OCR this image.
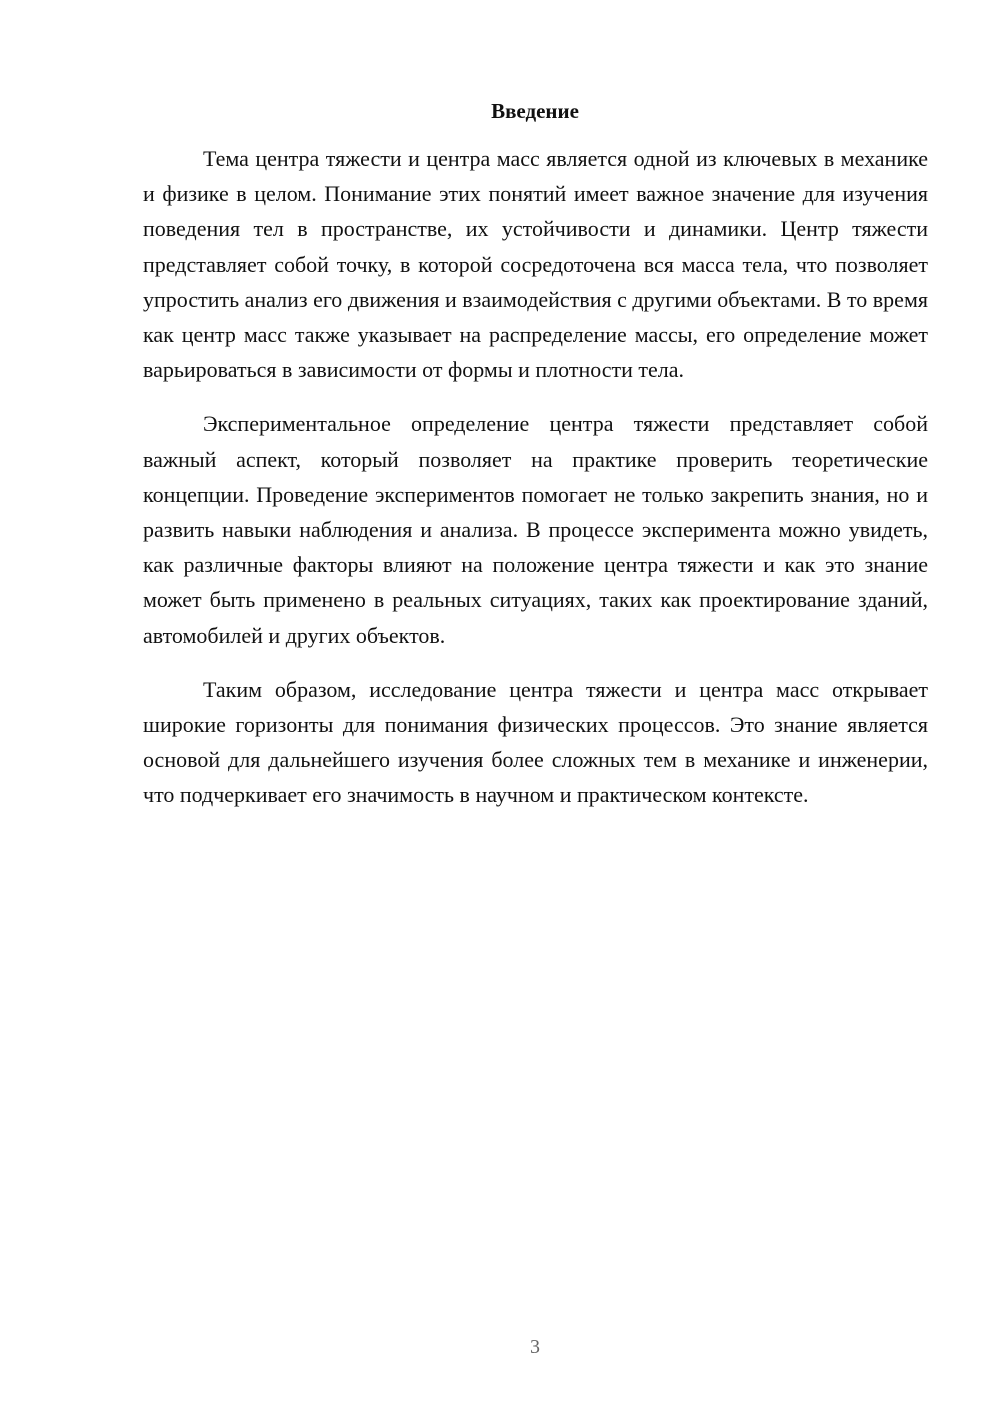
Введение

Тема центра тяжести и центра масс является одной из ключевых в механике и физике в целом. Понимание этих понятий имеет важное значение для изучения поведения тел в пространстве, их устойчивости и динамики. Центр тяжести представляет собой точку, в которой сосредоточена вся масса тела, что позволяет упростить анализ его движения и взаимодействия с другими объектами. В то время как центр масс также указывает на распределение массы, его определение может варьироваться в зависимости от формы и плотности тела.

Экспериментальное определение центра тяжести представляет собой важный аспект, который позволяет на практике проверить теоретические концепции. Проведение экспериментов помогает не только закрепить знания, но и развить навыки наблюдения и анализа. В процессе эксперимента можно увидеть, как различные факторы влияют на положение центра тяжести и как это знание может быть применено в реальных ситуациях, таких как проектирование зданий, автомобилей и других объектов.

Таким образом, исследование центра тяжести и центра масс открывает широкие горизонты для понимания физических процессов. Это знание является основой для дальнейшего изучения более сложных тем в механике и инженерии, что подчеркивает его значимость в научном и практическом контексте.

3
